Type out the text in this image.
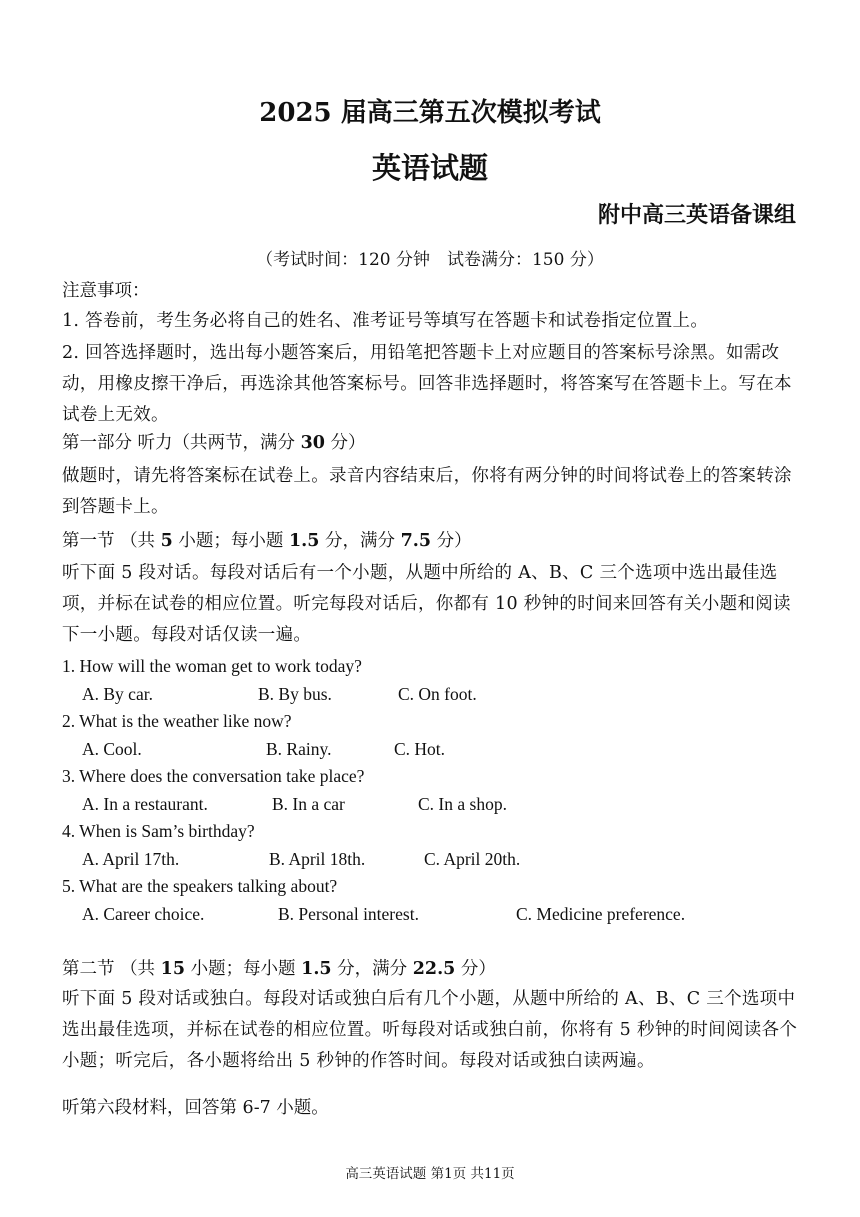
2025 届高三第五次模拟考试
英语试题
附中高三英语备课组
（考试时间：120 分钟　试卷满分：150 分）
注意事项：
1. 答卷前，考生务必将自己的姓名、准考证号等填写在答题卡和试卷指定位置上。
2. 回答选择题时，选出每小题答案后，用铅笔把答题卡上对应题目的答案标号涂黑。如需改动，用橡皮擦干净后，再选涂其他答案标号。回答非选择题时，将答案写在答题卡上。写在本试卷上无效。
第一部分 听力（共两节，满分 30 分）
做题时，请先将答案标在试卷上。录音内容结束后，你将有两分钟的时间将试卷上的答案转涂到答题卡上。
第一节 （共 5 小题；每小题 1.5 分，满分 7.5 分）
听下面 5 段对话。每段对话后有一个小题，从题中所给的 A、B、C 三个选项中选出最佳选项，并标在试卷的相应位置。听完每段对话后，你都有 10 秒钟的时间来回答有关小题和阅读下一小题。每段对话仅读一遍。
1. How will the woman get to work today?
A. By car.	B. By bus.	C. On foot.
2. What is the weather like now?
A. Cool.	B. Rainy.	C. Hot.
3. Where does the conversation take place?
A. In a restaurant.	B. In a car	C. In a shop.
4. When is Sam’s birthday?
A. April 17th.	B. April 18th.	C. April 20th.
5. What are the speakers talking about?
A. Career choice.	B. Personal interest.	C. Medicine preference.
第二节 （共 15 小题；每小题 1.5 分，满分 22.5 分）
听下面 5 段对话或独白。每段对话或独白后有几个小题，从题中所给的 A、B、C 三个选项中选出最佳选项，并标在试卷的相应位置。听每段对话或独白前，你将有 5 秒钟的时间阅读各个小题；听完后，各小题将给出 5 秒钟的作答时间。每段对话或独白读两遍。
听第六段材料，回答第 6-7 小题。
高三英语试题 第1页 共11页
